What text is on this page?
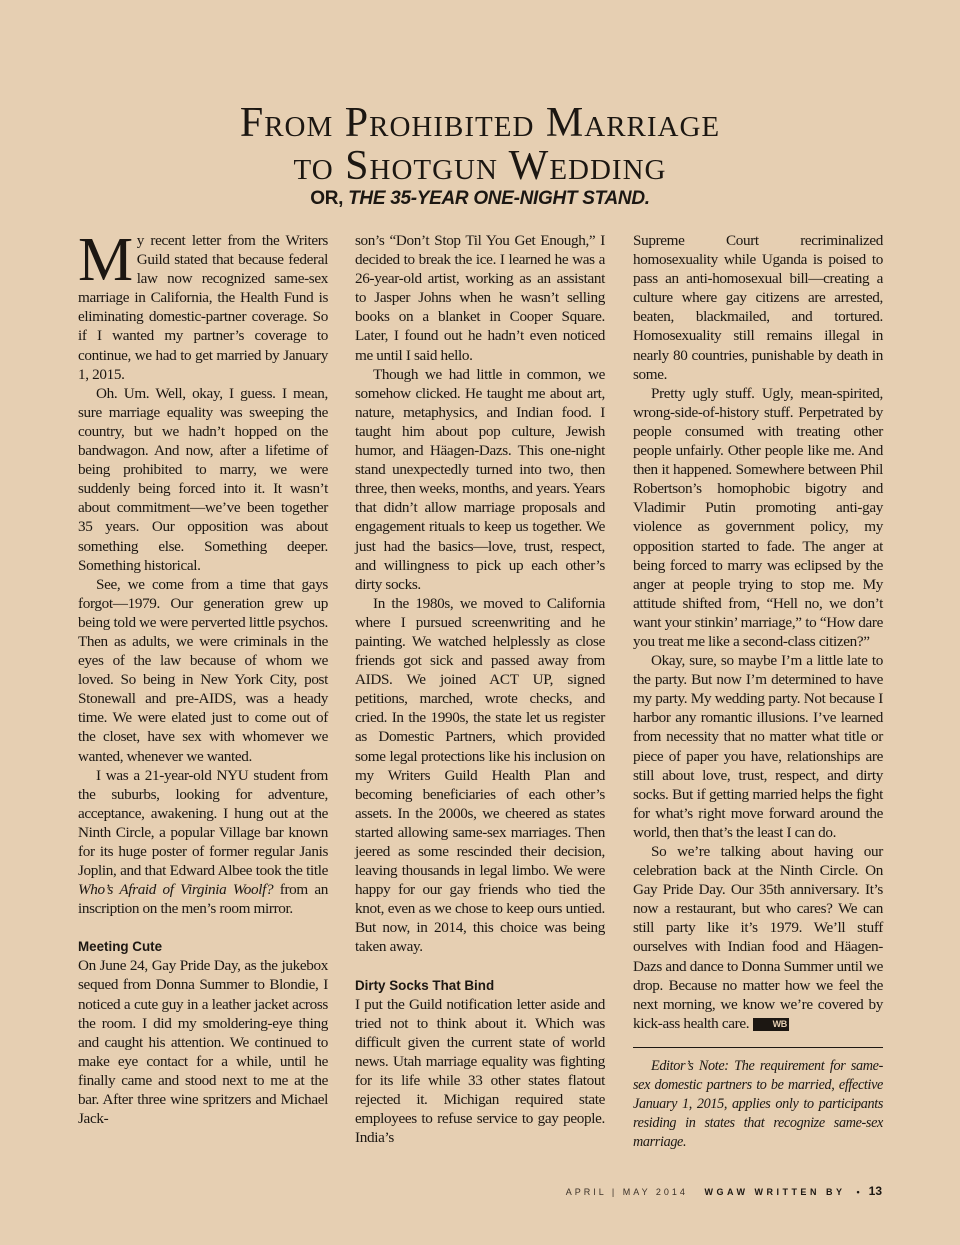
From Prohibited Marriage
to Shotgun Wedding
OR, THE 35-YEAR ONE-NIGHT STAND.

My recent letter from the Writers Guild stated that because federal law now recognized same-sex marriage in California, the Health Fund is eliminating domestic-partner coverage. So if I wanted my partner’s coverage to continue, we had to get married by January 1, 2015.

Oh. Um. Well, okay, I guess. I mean, sure marriage equality was sweeping the country, but we hadn’t hopped on the bandwagon. And now, after a lifetime of being prohibited to marry, we were suddenly being forced into it. It wasn’t about commitment—we’ve been together 35 years. Our opposition was about something else. Something deeper. Something historical.

See, we come from a time that gays forgot—1979. Our generation grew up being told we were perverted little psychos. Then as adults, we were criminals in the eyes of the law because of whom we loved. So being in New York City, post Stonewall and pre-AIDS, was a heady time. We were elated just to come out of the closet, have sex with whomever we wanted, whenever we wanted.

I was a 21-year-old NYU student from the suburbs, looking for adventure, acceptance, awakening. I hung out at the Ninth Circle, a popular Village bar known for its huge poster of former regular Janis Joplin, and that Edward Albee took the title Who’s Afraid of Virginia Woolf? from an inscription on the men’s room mirror.

Meeting Cute

On June 24, Gay Pride Day, as the jukebox sequed from Donna Summer to Blondie, I noticed a cute guy in a leather jacket across the room. I did my smoldering-eye thing and caught his attention. We continued to make eye contact for a while, until he finally came and stood next to me at the bar. After three wine spritzers and Michael Jack-

son’s “Don’t Stop Til You Get Enough,” I decided to break the ice. I learned he was a 26-year-old artist, working as an assistant to Jasper Johns when he wasn’t selling books on a blanket in Cooper Square. Later, I found out he hadn’t even noticed me until I said hello.

Though we had little in common, we somehow clicked. He taught me about art, nature, metaphysics, and Indian food. I taught him about pop culture, Jewish humor, and Häagen-Dazs. This one-night stand unexpectedly turned into two, then three, then weeks, months, and years. Years that didn’t allow marriage proposals and engagement rituals to keep us together. We just had the basics—love, trust, respect, and willingness to pick up each other’s dirty socks.

In the 1980s, we moved to California where I pursued screenwriting and he painting. We watched helplessly as close friends got sick and passed away from AIDS. We joined ACT UP, signed petitions, marched, wrote checks, and cried. In the 1990s, the state let us register as Domestic Partners, which provided some legal protections like his inclusion on my Writers Guild Health Plan and becoming beneficiaries of each other’s assets. In the 2000s, we cheered as states started allowing same-sex marriages. Then jeered as some rescinded their decision, leaving thousands in legal limbo. We were happy for our gay friends who tied the knot, even as we chose to keep ours untied. But now, in 2014, this choice was being taken away.

Dirty Socks That Bind

I put the Guild notification letter aside and tried not to think about it. Which was difficult given the current state of world news. Utah marriage equality was fighting for its life while 33 other states flatout rejected it. Michigan required state employees to refuse service to gay people. India’s

Supreme Court recriminalized homosexuality while Uganda is poised to pass an anti-homosexual bill—creating a culture where gay citizens are arrested, beaten, blackmailed, and tortured. Homosexuality still remains illegal in nearly 80 countries, punishable by death in some.

Pretty ugly stuff. Ugly, mean-spirited, wrong-side-of-history stuff. Perpetrated by people consumed with treating other people unfairly. Other people like me. And then it happened. Somewhere between Phil Robertson’s homophobic bigotry and Vladimir Putin promoting anti-gay violence as government policy, my opposition started to fade. The anger at being forced to marry was eclipsed by the anger at people trying to stop me. My attitude shifted from, “Hell no, we don’t want your stinkin’ marriage,” to “How dare you treat me like a second-class citizen?”

Okay, sure, so maybe I’m a little late to the party. But now I’m determined to have my party. My wedding party. Not because I harbor any romantic illusions. I’ve learned from necessity that no matter what title or piece of paper you have, relationships are still about love, trust, respect, and dirty socks. But if getting married helps the fight for what’s right move forward around the world, then that’s the least I can do.

So we’re talking about having our celebration back at the Ninth Circle. On Gay Pride Day. Our 35th anniversary. It’s now a restaurant, but who cares? We can still party like it’s 1979. We’ll stuff ourselves with Indian food and Häagen-Dazs and dance to Donna Summer until we drop. Because no matter how we feel the next morning, we know we’re covered by kick-ass health care. WB

Editor’s Note: The requirement for same-sex domestic partners to be married, effective January 1, 2015, applies only to participants residing in states that recognize same-sex marriage.

APRIL | MAY 2014 WGAW WRITTEN BY • 13
